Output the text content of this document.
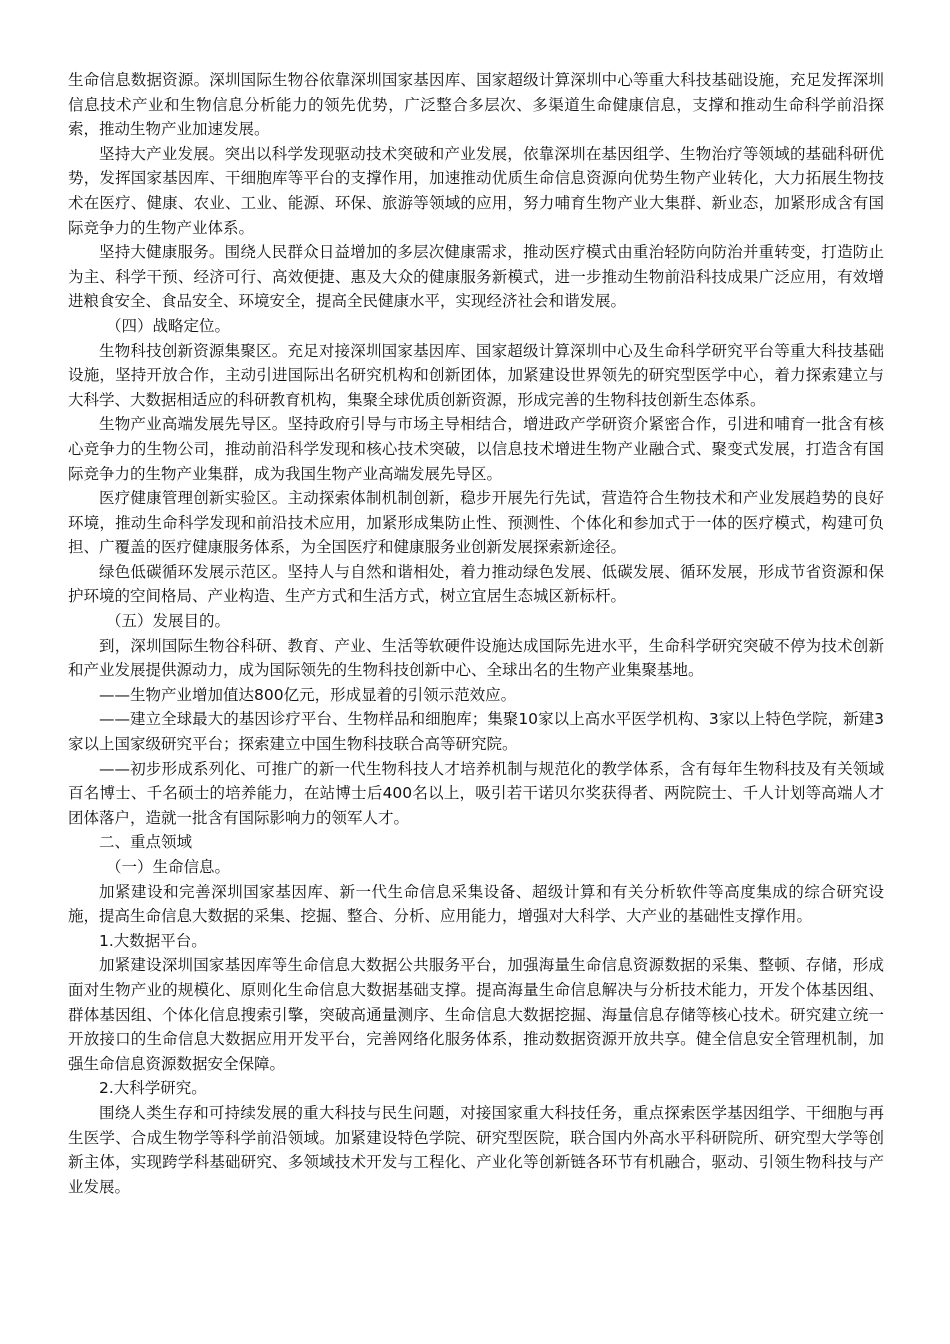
生命信息数据资源。深圳国际生物谷依靠深圳国家基因库、国家超级计算深圳中心等重大科技基础设施，充足发挥深圳信息技术产业和生物信息分析能力的领先优势，广泛整合多层次、多渠道生命健康信息，支撑和推动生命科学前沿探索，推动生物产业加速发展。

坚持大产业发展。突出以科学发现驱动技术突破和产业发展，依靠深圳在基因组学、生物治疗等领域的基础科研优势，发挥国家基因库、干细胞库等平台的支撑作用，加速推动优质生命信息资源向优势生物产业转化，大力拓展生物技术在医疗、健康、农业、工业、能源、环保、旅游等领域的应用，努力哺育生物产业大集群、新业态，加紧形成含有国际竞争力的生物产业体系。

坚持大健康服务。围绕人民群众日益增加的多层次健康需求，推动医疗模式由重治轻防向防治并重转变，打造防止为主、科学干预、经济可行、高效便捷、惠及大众的健康服务新模式，进一步推动生物前沿科技成果广泛应用，有效增进粮食安全、食品安全、环境安全，提高全民健康水平，实现经济社会和谐发展。

（四）战略定位。

生物科技创新资源集聚区。充足对接深圳国家基因库、国家超级计算深圳中心及生命科学研究平台等重大科技基础设施，坚持开放合作，主动引进国际出名研究机构和创新团体，加紧建设世界领先的研究型医学中心，着力探索建立与大科学、大数据相适应的科研教育机构，集聚全球优质创新资源，形成完善的生物科技创新生态体系。

生物产业高端发展先导区。坚持政府引导与市场主导相结合，增进政产学研资介紧密合作，引进和哺育一批含有核心竞争力的生物公司，推动前沿科学发现和核心技术突破，以信息技术增进生物产业融合式、聚变式发展，打造含有国际竞争力的生物产业集群，成为我国生物产业高端发展先导区。

医疗健康管理创新实验区。主动探索体制机制创新，稳步开展先行先试，营造符合生物技术和产业发展趋势的良好环境，推动生命科学发现和前沿技术应用，加紧形成集防止性、预测性、个体化和参加式于一体的医疗模式，构建可负担、广覆盖的医疗健康服务体系，为全国医疗和健康服务业创新发展探索新途径。

绿色低碳循环发展示范区。坚持人与自然和谐相处，着力推动绿色发展、低碳发展、循环发展，形成节省资源和保护环境的空间格局、产业构造、生产方式和生活方式，树立宜居生态城区新标杆。

（五）发展目的。

到，深圳国际生物谷科研、教育、产业、生活等软硬件设施达成国际先进水平，生命科学研究突破不停为技术创新和产业发展提供源动力，成为国际领先的生物科技创新中心、全球出名的生物产业集聚基地。

——生物产业增加值达800亿元，形成显着的引领示范效应。

——建立全球最大的基因诊疗平台、生物样品和细胞库；集聚10家以上高水平医学机构、3家以上特色学院，新建3家以上国家级研究平台；探索建立中国生物科技联合高等研究院。

——初步形成系列化、可推广的新一代生物科技人才培养机制与规范化的教学体系，含有每年生物科技及有关领域百名博士、千名硕士的培养能力，在站博士后400名以上，吸引若干诺贝尔奖获得者、两院院士、千人计划等高端人才团体落户，造就一批含有国际影响力的领军人才。

二、重点领域

（一）生命信息。

加紧建设和完善深圳国家基因库、新一代生命信息采集设备、超级计算和有关分析软件等高度集成的综合研究设施，提高生命信息大数据的采集、挖掘、整合、分析、应用能力，增强对大科学、大产业的基础性支撑作用。

1.大数据平台。

加紧建设深圳国家基因库等生命信息大数据公共服务平台，加强海量生命信息资源数据的采集、整顿、存储，形成面对生物产业的规模化、原则化生命信息大数据基础支撑。提高海量生命信息解决与分析技术能力，开发个体基因组、群体基因组、个体化信息搜索引擎，突破高通量测序、生命信息大数据挖掘、海量信息存储等核心技术。研究建立统一开放接口的生命信息大数据应用开发平台，完善网络化服务体系，推动数据资源开放共享。健全信息安全管理机制，加强生命信息资源数据安全保障。

2.大科学研究。

围绕人类生存和可持续发展的重大科技与民生问题，对接国家重大科技任务，重点探索医学基因组学、干细胞与再生医学、合成生物学等科学前沿领域。加紧建设特色学院、研究型医院，联合国内外高水平科研院所、研究型大学等创新主体，实现跨学科基础研究、多领域技术开发与工程化、产业化等创新链各环节有机融合，驱动、引领生物科技与产业发展。
